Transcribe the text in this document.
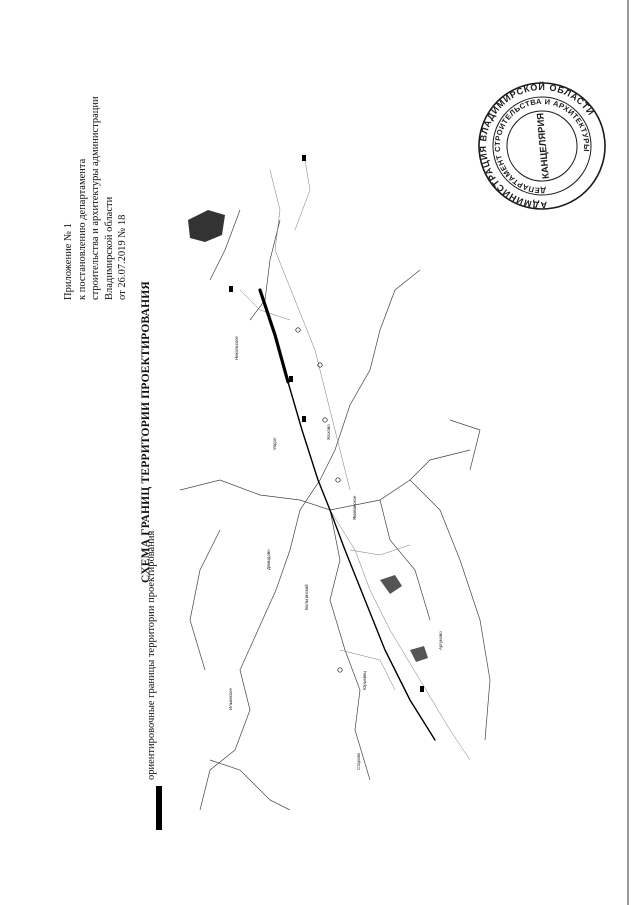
Приложение № 1 к постановлению департамента строительства и архитектуры администрации Владимирской области от 26.07.2019 № 18
СХЕМА ГРАНИЦ ТЕРРИТОРИИ ПРОЕКТИРОВАНИЯ
ориентировочные границы территории проектирования
Никольское
Ундол
Жохово
Якиманское
Демидово
Юрьевец
Вольгинский
Аргуново
Ильинское
Старово
АДМИНИСТРАЦИЯ ВЛАДИМИРСКОЙ ОБЛАСТИ
ДЕПАРТАМЕНТ СТРОИТЕЛЬСТВА И АРХИТЕКТУРЫ
КАНЦЕЛЯРИЯ
